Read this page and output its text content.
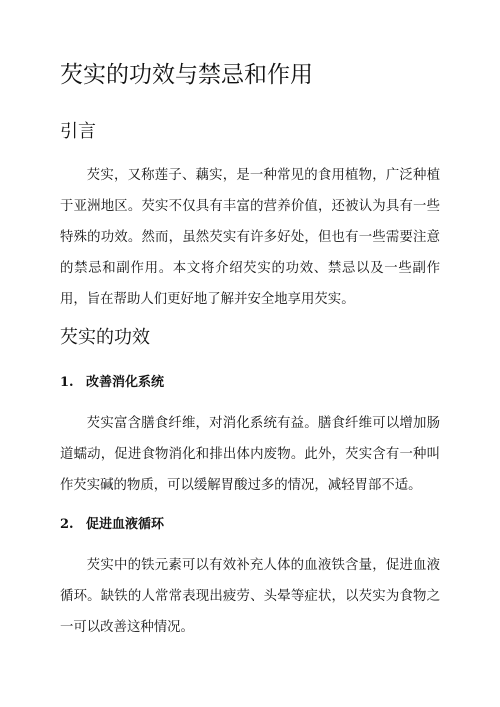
芡实的功效与禁忌和作用
引言

芡实，又称莲子、藕实，是一种常见的食用植物，广泛种植于亚洲地区。芡实不仅具有丰富的营养价值，还被认为具有一些特殊的功效。然而，虽然芡实有许多好处，但也有一些需要注意的禁忌和副作用。本文将介绍芡实的功效、禁忌以及一些副作用，旨在帮助人们更好地了解并安全地享用芡实。

芡实的功效
1. 改善消化系统

芡实富含膳食纤维，对消化系统有益。膳食纤维可以增加肠道蠕动，促进食物消化和排出体内废物。此外，芡实含有一种叫作芡实碱的物质，可以缓解胃酸过多的情况，减轻胃部不适。

2. 促进血液循环

芡实中的铁元素可以有效补充人体的血液铁含量，促进血液循环。缺铁的人常常表现出疲劳、头晕等症状，以芡实为食物之一可以改善这种情况。
